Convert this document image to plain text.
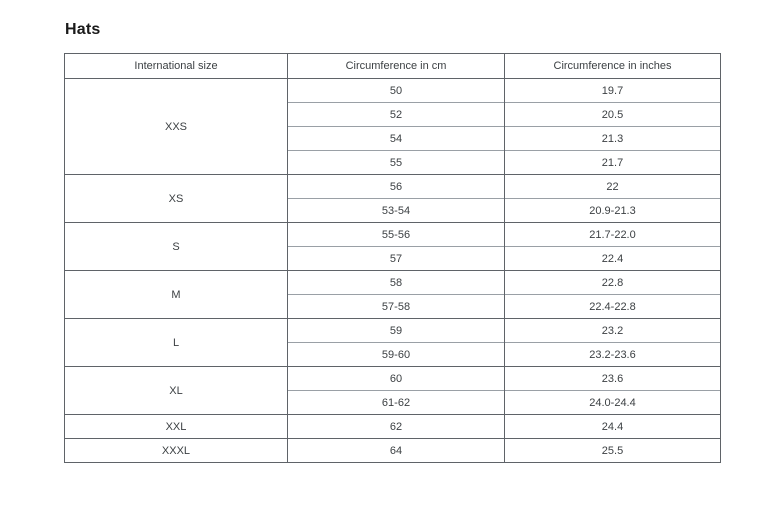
Hats
International size	Circumference in cm	Circumference in inches
XXS	50	19.7
	52	20.5
	54	21.3
	55	21.7
XS	56	22
	53-54	20.9-21.3
S	55-56	21.7-22.0
	57	22.4
M	58	22.8
	57-58	22.4-22.8
L	59	23.2
	59-60	23.2-23.6
XL	60	23.6
	61-62	24.0-24.4
XXL	62	24.4
XXXL	64	25.5
